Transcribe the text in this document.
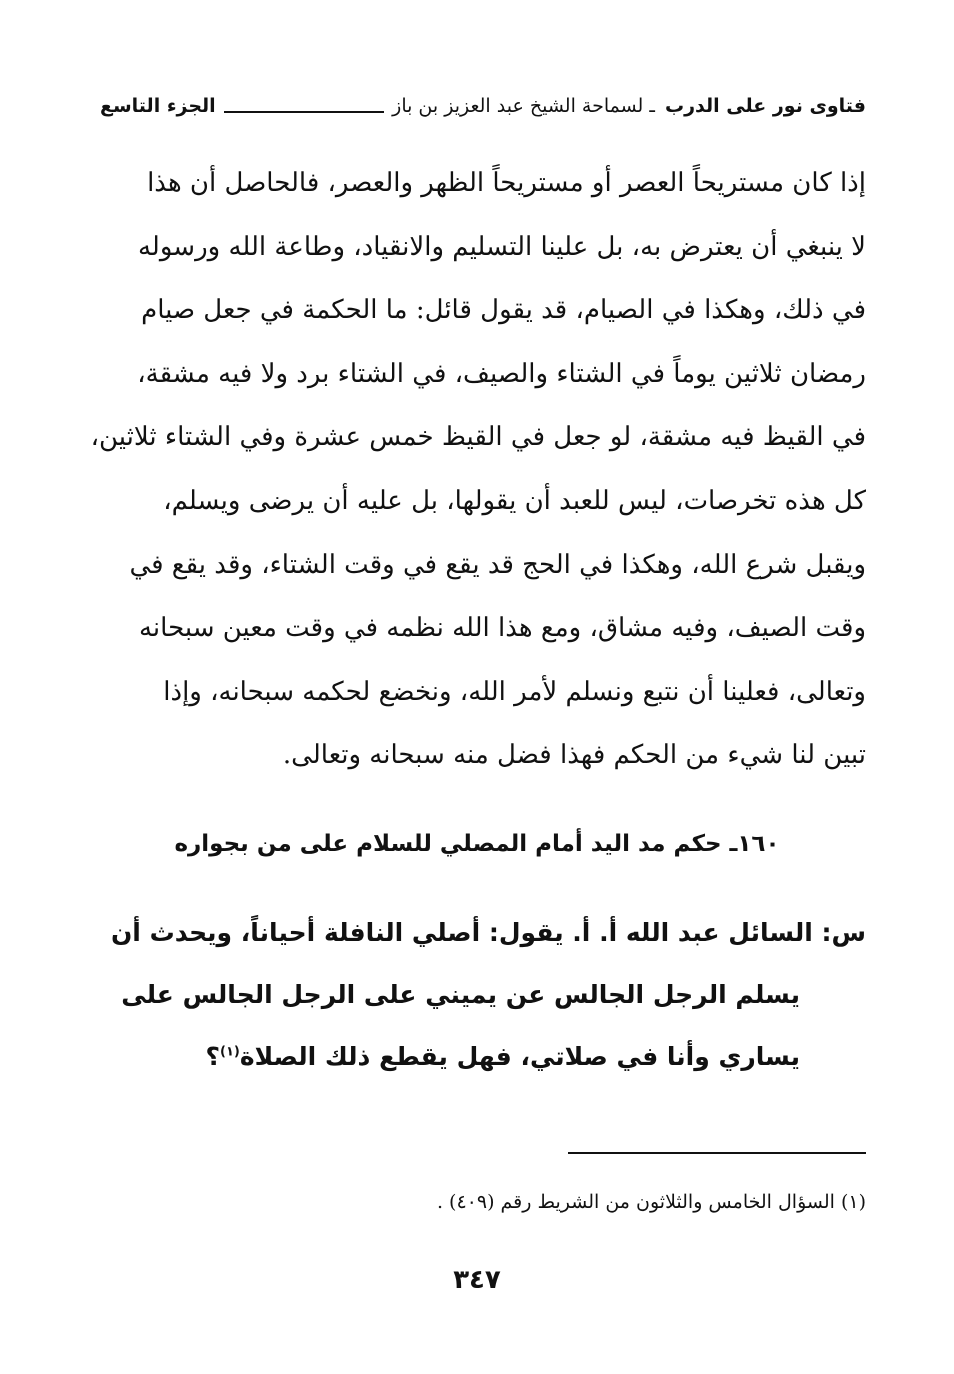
فتاوى نور على الدرب ـ لسماحة الشيخ عبد العزيز بن باز
الجزء التاسع

إذا كان مستريحاً العصر أو مستريحاً الظهر والعصر، فالحاصل أن هذا

لا ينبغي أن يعترض به، بل علينا التسليم والانقياد، وطاعة الله ورسوله

في ذلك، وهكذا في الصيام، قد يقول قائل: ما الحكمة في جعل صيام

رمضان ثلاثين يوماً في الشتاء والصيف، في الشتاء برد ولا فيه مشقة،

في القيظ فيه مشقة، لو جعل في القيظ خمس عشرة وفي الشتاء ثلاثين،

كل هذه تخرصات، ليس للعبد أن يقولها، بل عليه أن يرضى ويسلم،

ويقبل شرع الله، وهكذا في الحج قد يقع في وقت الشتاء، وقد يقع في

وقت الصيف، وفيه مشاق، ومع هذا الله نظمه في وقت معين سبحانه

وتعالى، فعلينا أن نتبع ونسلم لأمر الله، ونخضع لحكمه سبحانه، وإذا

تبين لنا شيء من الحكم فهذا فضل منه سبحانه وتعالى.

١٦٠ـ حكم مد اليد أمام المصلي للسلام على من بجواره

س: السائل عبد الله أ. أ. يقول: أصلي النافلة أحياناً، ويحدث أن

يسلم الرجل الجالس عن يميني على الرجل الجالس على

يساري وأنا في صلاتي، فهل يقطع ذلك الصلاة$^{(١)}$؟

(١) السؤال الخامس والثلاثون من الشريط رقم (٤٠٩) .
٣٤٧
